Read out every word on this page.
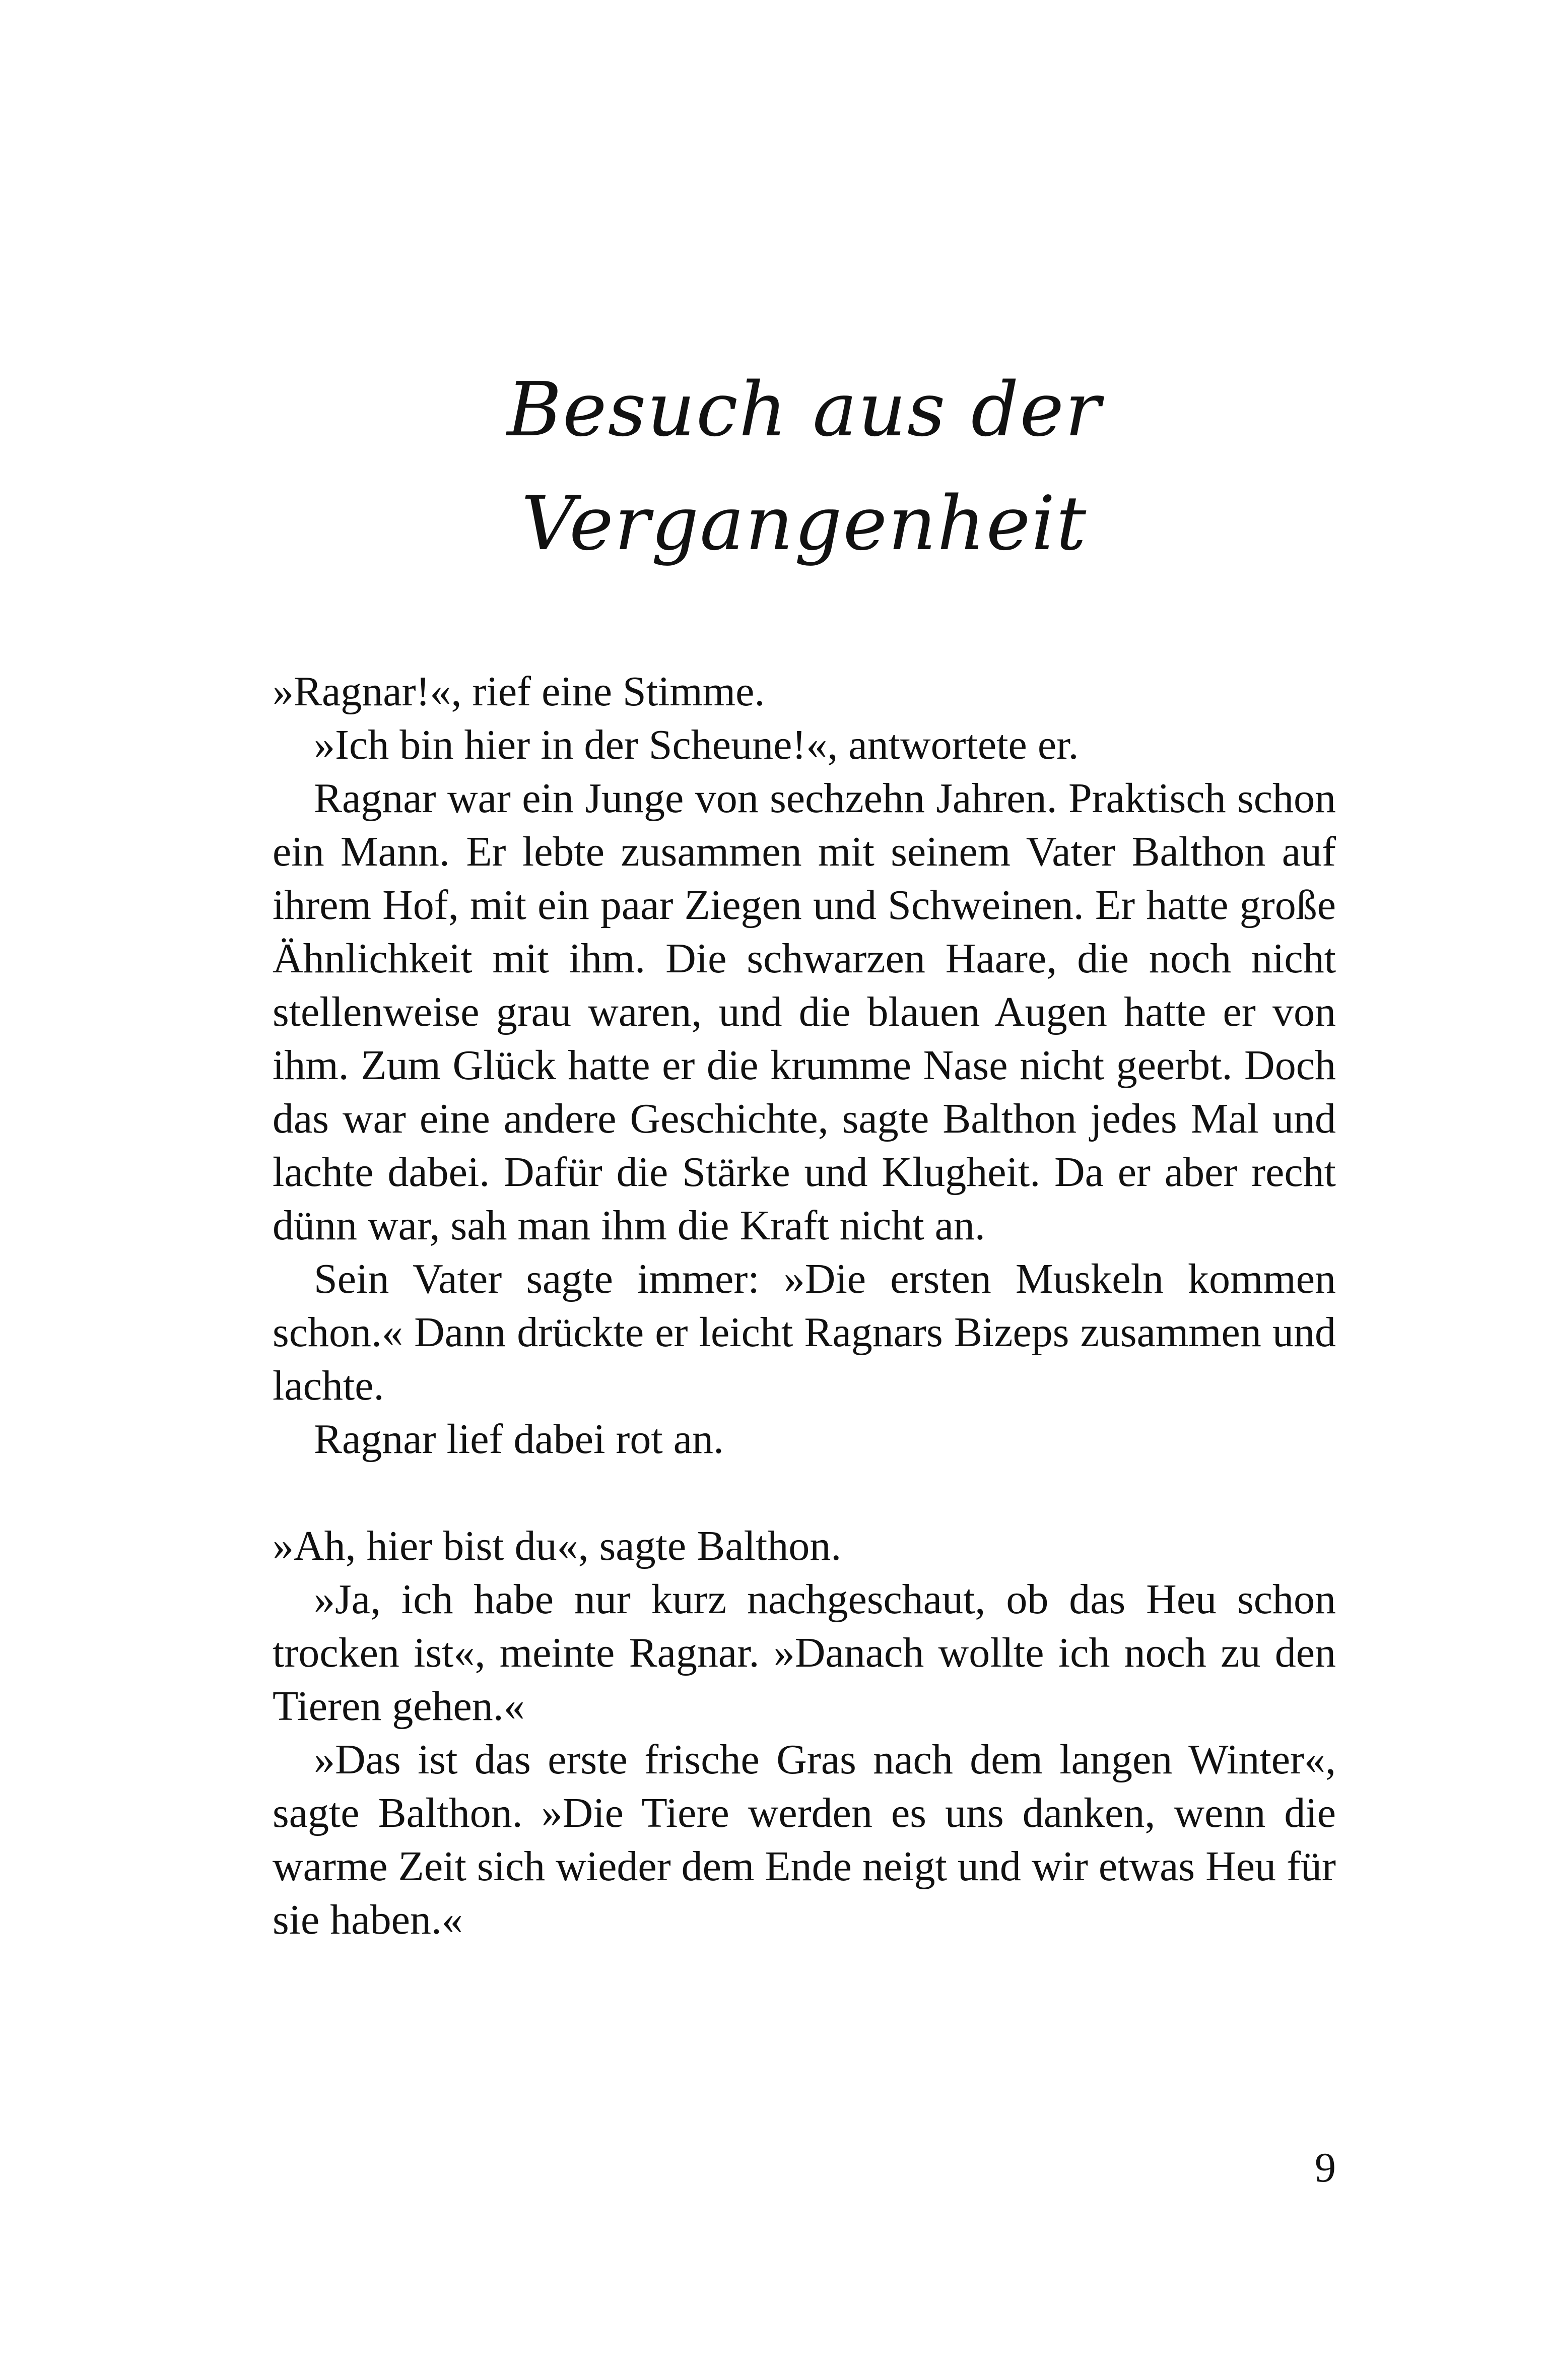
Besuch aus der
Vergangenheit

»Ragnar!«, rief eine Stimme.

»Ich bin hier in der Scheune!«, antwortete er.

Ragnar war ein Junge von sechzehn Jahren. Praktisch schon ein Mann. Er lebte zusammen mit seinem Vater Balthon auf ihrem Hof, mit ein paar Ziegen und Schweinen. Er hatte große Ähnlichkeit mit ihm. Die schwarzen Haare, die noch nicht stellenweise grau waren, und die blauen Augen hatte er von ihm. Zum Glück hatte er die krumme Nase nicht geerbt. Doch das war eine andere Geschichte, sagte Balthon jedes Mal und lachte dabei. Dafür die Stärke und Klugheit. Da er aber recht dünn war, sah man ihm die Kraft nicht an.

Sein Vater sagte immer: »Die ersten Muskeln kommen schon.« Dann drückte er leicht Ragnars Bizeps zusammen und lachte.

Ragnar lief dabei rot an.

»Ah, hier bist du«, sagte Balthon.

»Ja, ich habe nur kurz nachgeschaut, ob das Heu schon trocken ist«, meinte Ragnar. »Danach wollte ich noch zu den Tieren gehen.«

»Das ist das erste frische Gras nach dem langen Winter«, sagte Balthon. »Die Tiere werden es uns danken, wenn die warme Zeit sich wieder dem Ende neigt und wir etwas Heu für sie haben.«

9
